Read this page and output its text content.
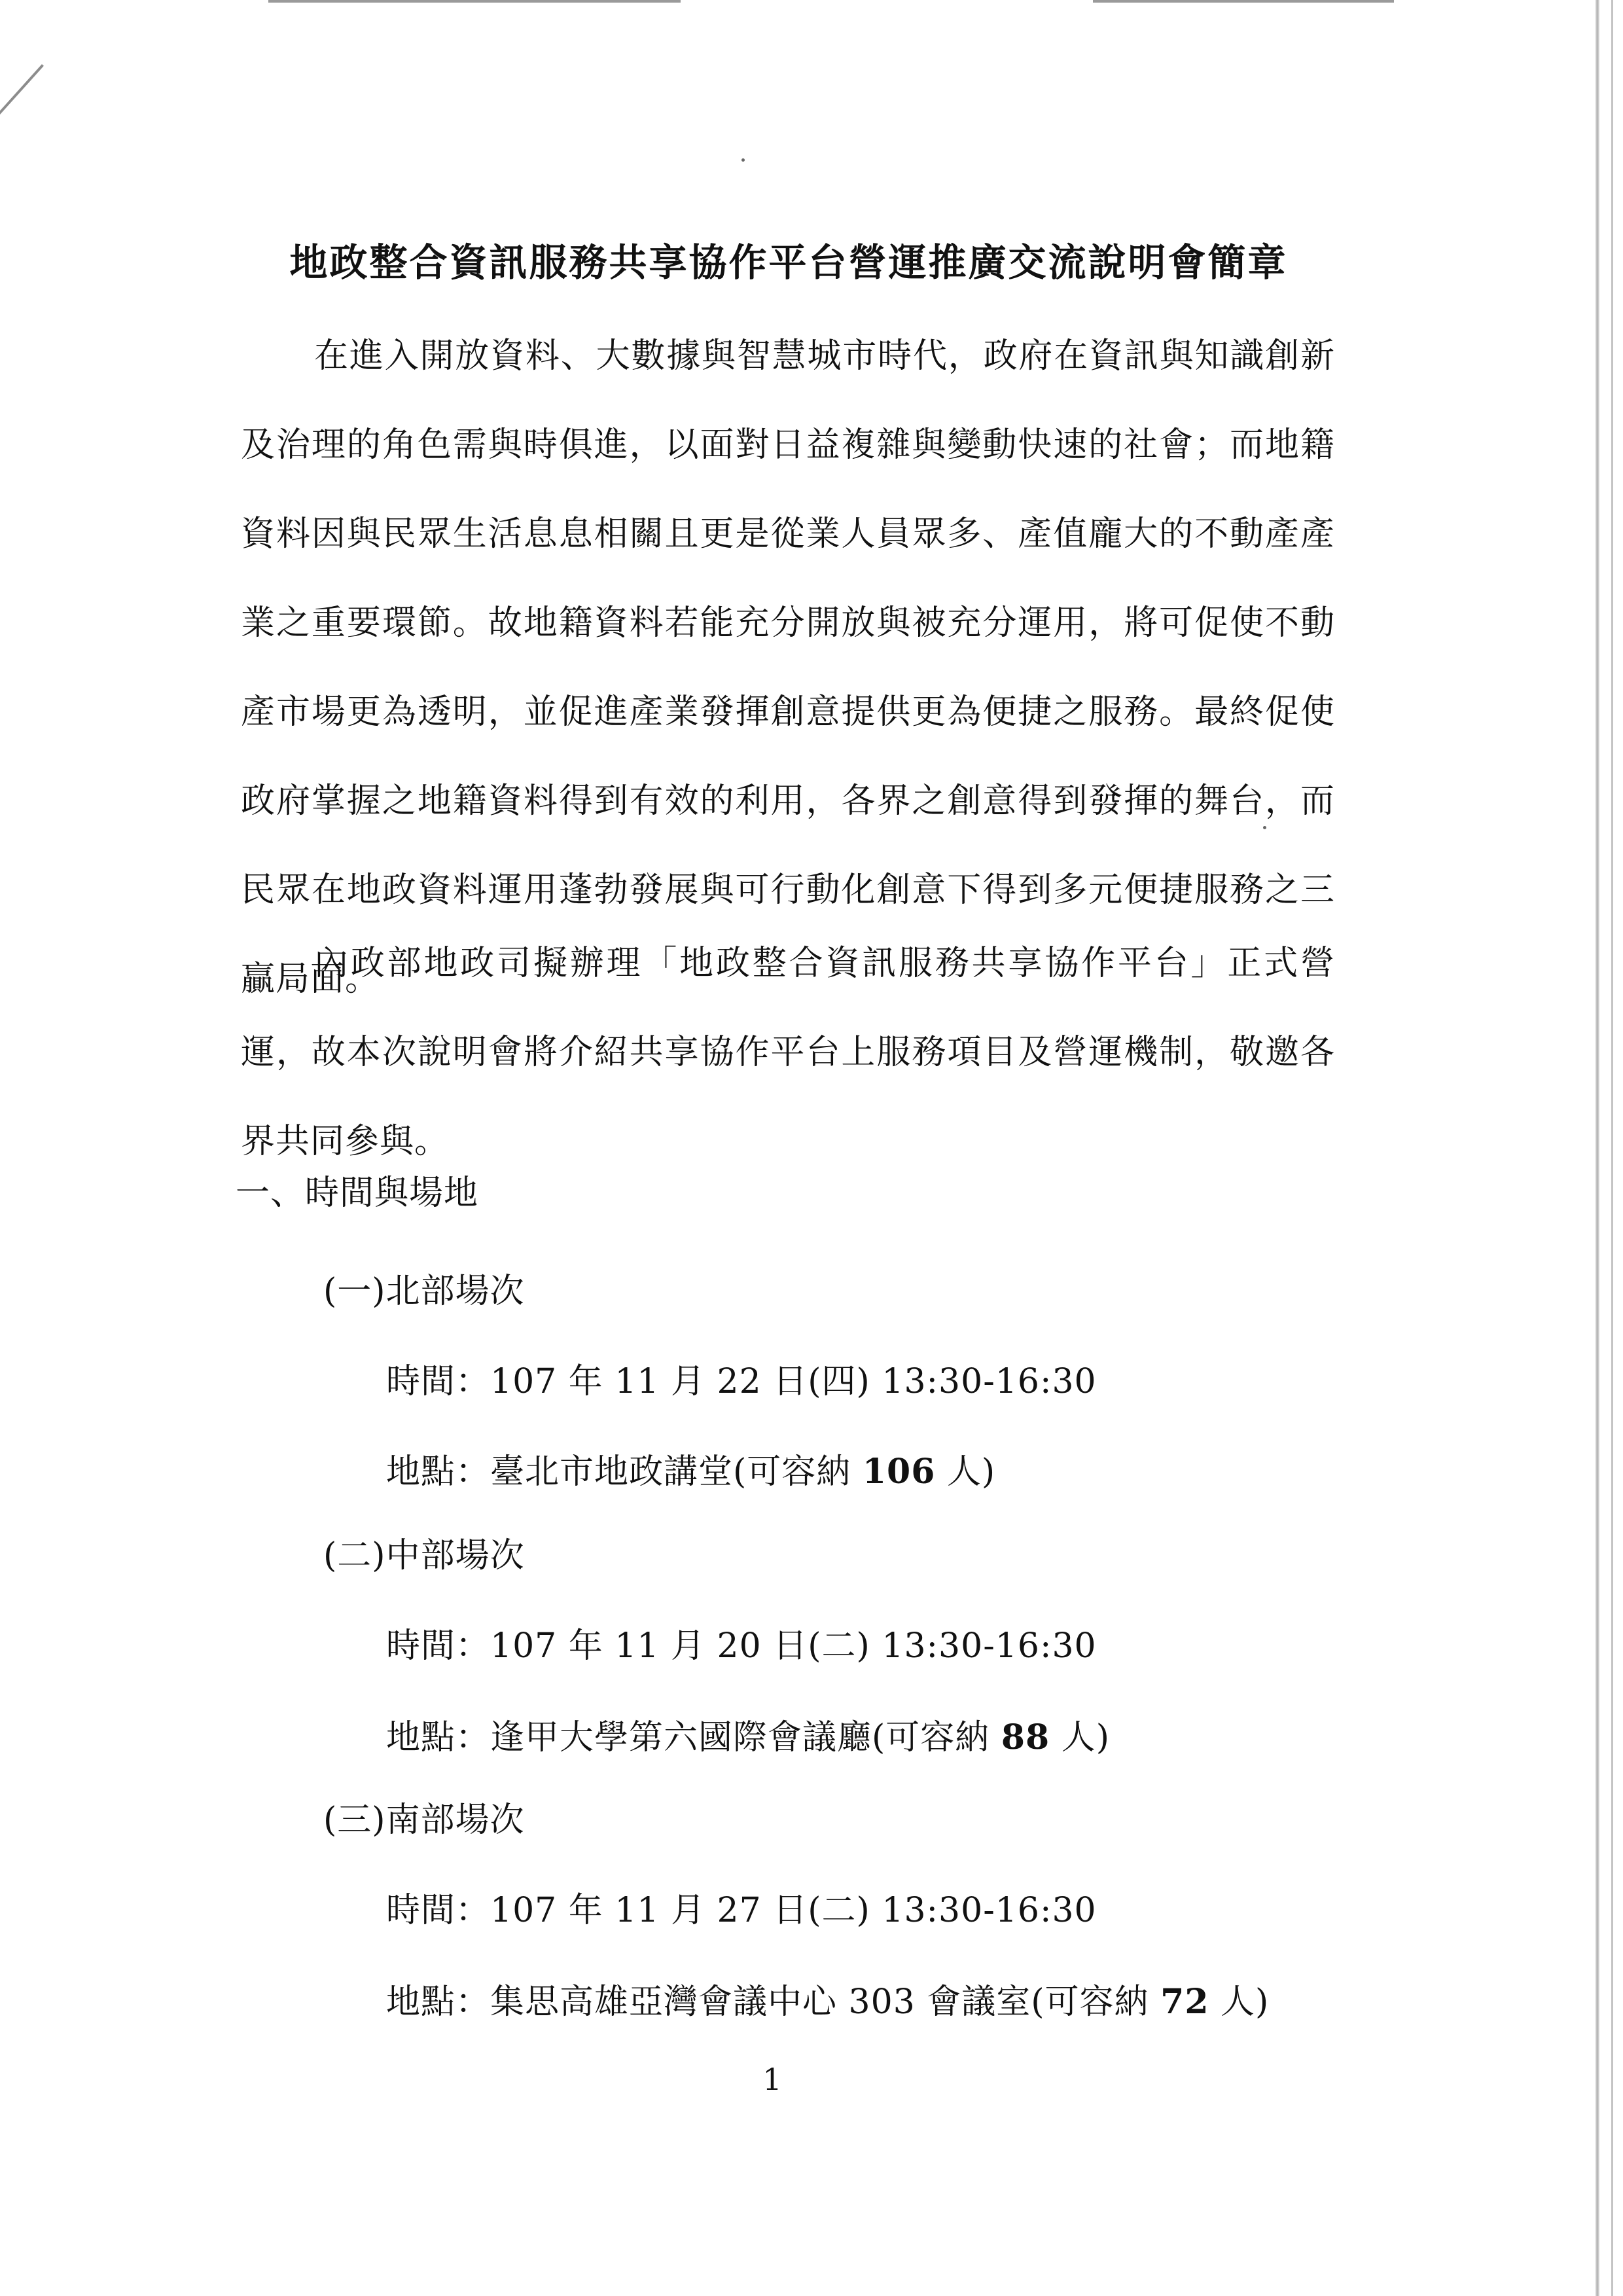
地政整合資訊服務共享協作平台營運推廣交流說明會簡章

在進入開放資料、大數據與智慧城市時代，政府在資訊與知識創新及治理的角色需與時俱進，以面對日益複雜與變動快速的社會；而地籍資料因與民眾生活息息相關且更是從業人員眾多、產值龐大的不動產產業之重要環節。故地籍資料若能充分開放與被充分運用，將可促使不動產市場更為透明，並促進產業發揮創意提供更為便捷之服務。最終促使政府掌握之地籍資料得到有效的利用，各界之創意得到發揮的舞台，而民眾在地政資料運用蓬勃發展與可行動化創意下得到多元便捷服務之三贏局面。

內政部地政司擬辦理「地政整合資訊服務共享協作平台」正式營運，故本次說明會將介紹共享協作平台上服務項目及營運機制，敬邀各界共同參與。

一、時間與場地

(一)北部場次

時間：107 年 11 月 22 日(四) 13:30-16:30

地點：臺北市地政講堂(可容納 106 人)

(二)中部場次

時間：107 年 11 月 20 日(二) 13:30-16:30

地點：逢甲大學第六國際會議廳(可容納 88 人)

(三)南部場次

時間：107 年 11 月 27 日(二) 13:30-16:30

地點：集思高雄亞灣會議中心 303 會議室(可容納 72 人)

1
